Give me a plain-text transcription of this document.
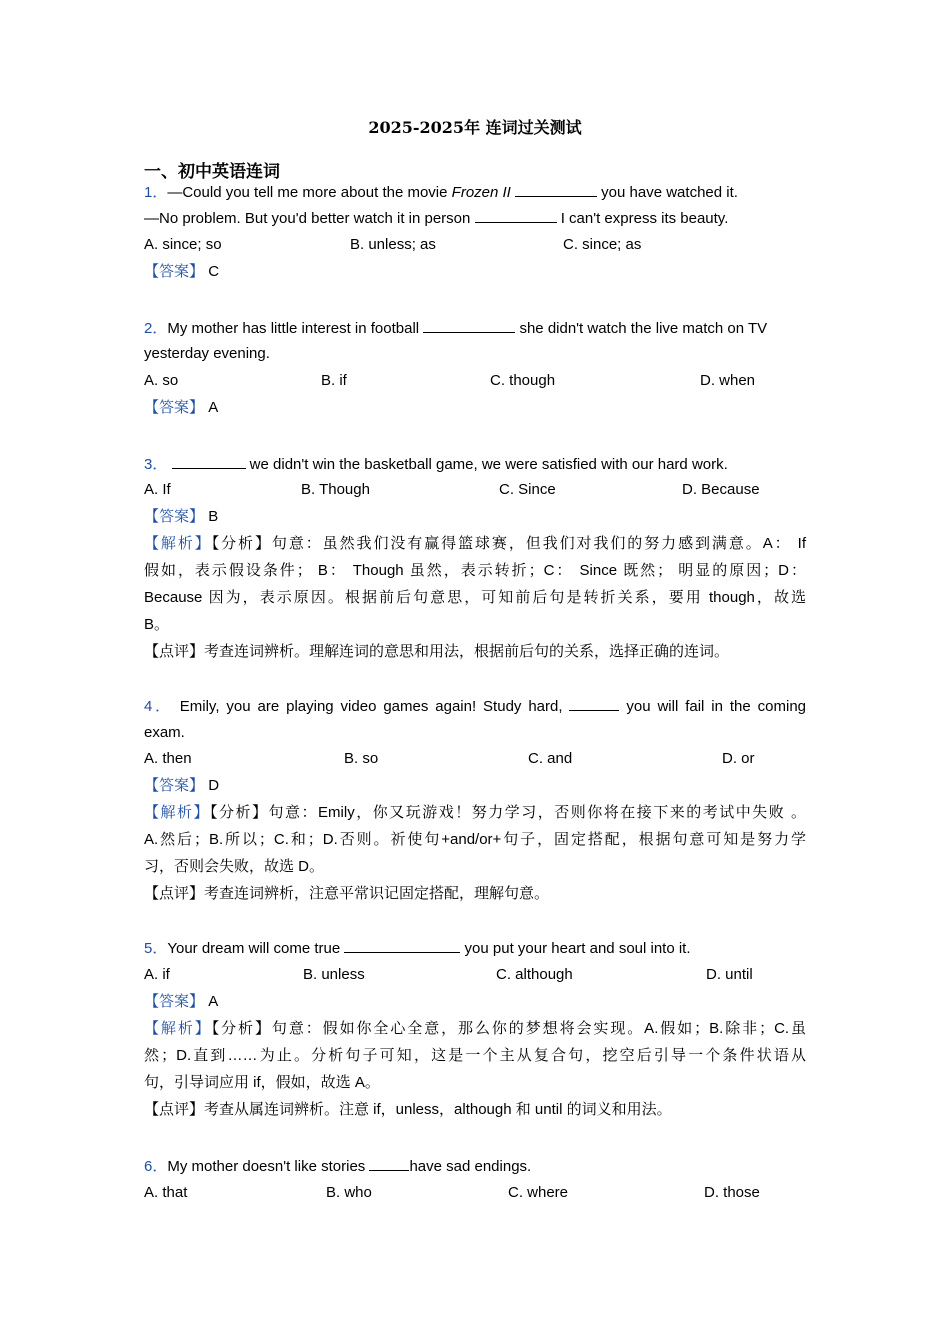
2025-2025年 连词过关测试
一、初中英语连词
1．—Could you tell me more about the movie Frozen II	you have watched it.
—No problem. But you'd better watch it in person	I can't express its beauty.
A. since; so	B. unless; as	C. since; as
【答案】 C
2．My mother has little interest in football	she didn't watch the live match on TV
yesterday evening.
A. so	B. if	C. though	D. when
【答案】 A
3．	we didn't win the basketball game, we were satisfied with our hard work.
A. If	B. Though	C. Since	D. Because
【答案】 B
【解析】【分析】句意：虽然我们没有赢得篮球赛，但我们对我们的努力感到满意。A： If
假如，表示假设条件； B： Though 虽然，表示转折；C： Since 既然； 明显的原因；D：
Because 因为，表示原因。根据前后句意思，可知前后句是转折关系，要用 though，故选
B。
【点评】考查连词辨析。理解连词的意思和用法，根据前后句的关系，选择正确的连词。
4． Emily, you are playing video games again! Study hard,	you will fail in the coming
exam.
A. then	B. so	C. and	D. or
【答案】 D
【解析】【分析】句意：Emily，你又玩游戏！努力学习，否则你将在接下来的考试中失败 。
A.然后；B.所以；C.和；D.否则。祈使句+and/or+句子，固定搭配，根据句意可知是努力学
习，否则会失败，故选 D。
【点评】考查连词辨析，注意平常识记固定搭配，理解句意。
5．Your dream will come true	you put your heart and soul into it.
A. if	B. unless	C. although	D. until
【答案】 A
【解析】【分析】句意：假如你全心全意，那么你的梦想将会实现。A.假如；B.除非；C.虽
然；D.直到……为止。分析句子可知，这是一个主从复合句，挖空后引导一个条件状语从
句，引导词应用 if，假如，故选 A。
【点评】考查从属连词辨析。注意 if，unless，although 和 until 的词义和用法。
6．My mother doesn't like stories	have sad endings.
A. that	B. who	C. where	D. those
